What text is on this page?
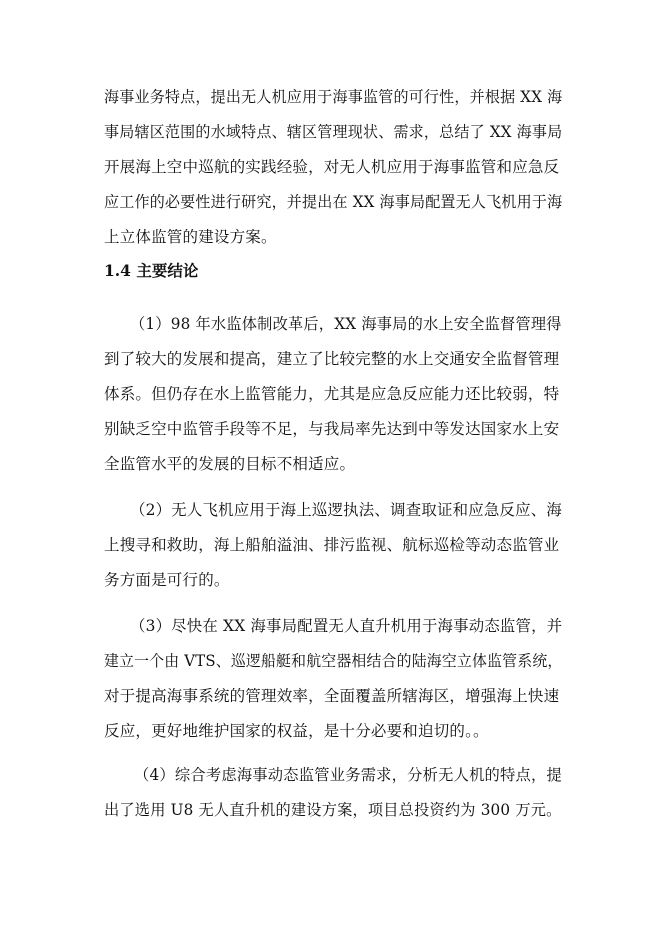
海事业务特点，提出无人机应用于海事监管的可行性，并根据 XX 海
事局辖区范围的水域特点、辖区管理现状、需求，总结了 XX 海事局
开展海上空中巡航的实践经验，对无人机应用于海事监管和应急反
应工作的必要性进行研究，并提出在 XX 海事局配置无人飞机用于海
上立体监管的建设方案。
1.4 主要结论
（1）98 年水监体制改革后，XX 海事局的水上安全监督管理得
到了较大的发展和提高，建立了比较完整的水上交通安全监督管理
体系。但仍存在水上监管能力，尤其是应急反应能力还比较弱，特
别缺乏空中监管手段等不足，与我局率先达到中等发达国家水上安
全监管水平的发展的目标不相适应。
（2）无人飞机应用于海上巡逻执法、调查取证和应急反应、海
上搜寻和救助，海上船舶溢油、排污监视、航标巡检等动态监管业
务方面是可行的。
（3）尽快在 XX 海事局配置无人直升机用于海事动态监管，并
建立一个由 VTS、巡逻船艇和航空器相结合的陆海空立体监管系统，
对于提高海事系统的管理效率，全面覆盖所辖海区，增强海上快速
反应，更好地维护国家的权益，是十分必要和迫切的。。
（4）综合考虑海事动态监管业务需求，分析无人机的特点，提
出了选用 U8 无人直升机的建设方案，项目总投资约为 300 万元。
